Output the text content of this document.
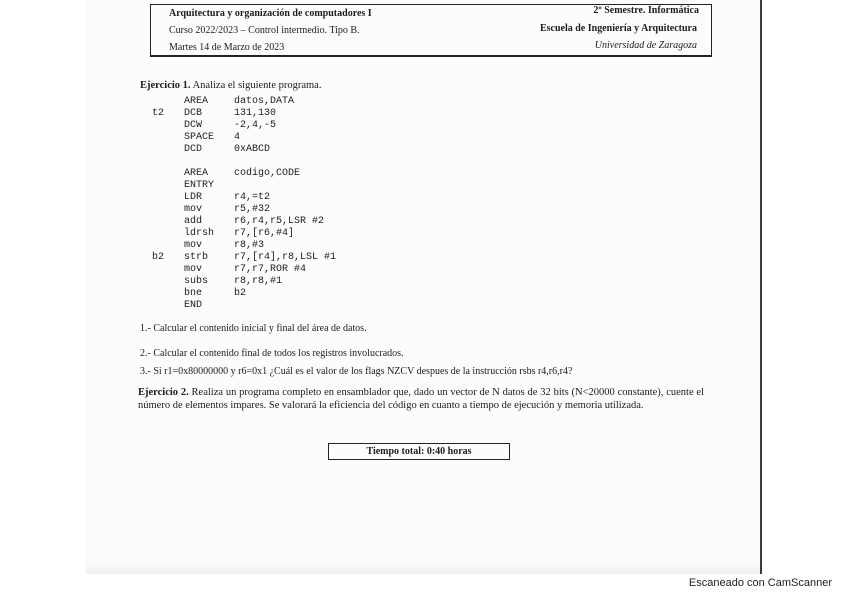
Arquitectura y organización de computadores I
Curso 2022/2023 – Control intermedio. Tipo B.
Martes 14 de Marzo de 2023
2º Semestre. Informática
Escuela de Ingeniería y Arquitectura
Universidad de Zaragoza
Ejercicio 1. Analiza el siguiente programa.
AREA	datos,DATA
t2	DCB	131,130
DCW	-2,4,-5
SPACE	4
DCD	0xABCD
AREA	codigo,CODE
ENTRY
LDR	r4,=t2
mov	r5,#32
add	r6,r4,r5,LSR #2
ldrsh	r7,[r6,#4]
mov	r8,#3
b2	strb	r7,[r4],r8,LSL #1
mov	r7,r7,ROR #4
subs	r8,r8,#1
bne	b2
END
1.- Calcular el contenido inicial y final del área de datos.
2.- Calcular el contenido final de todos los registros involucrados.
3.- Si r1=0x80000000 y r6=0x1 ¿Cuál es el valor de los flags NZCV despues de la instrucción rsbs r4,r6,r4?
Ejercicio 2. Realiza un programa completo en ensamblador que, dado un vector de N datos de 32 bits (N<20000 constante), cuente el número de elementos impares. Se valorará la eficiencia del código en cuanto a tiempo de ejecución y memoria utilizada.
Tiempo total: 0:40 horas
Escaneado con CamScanner
